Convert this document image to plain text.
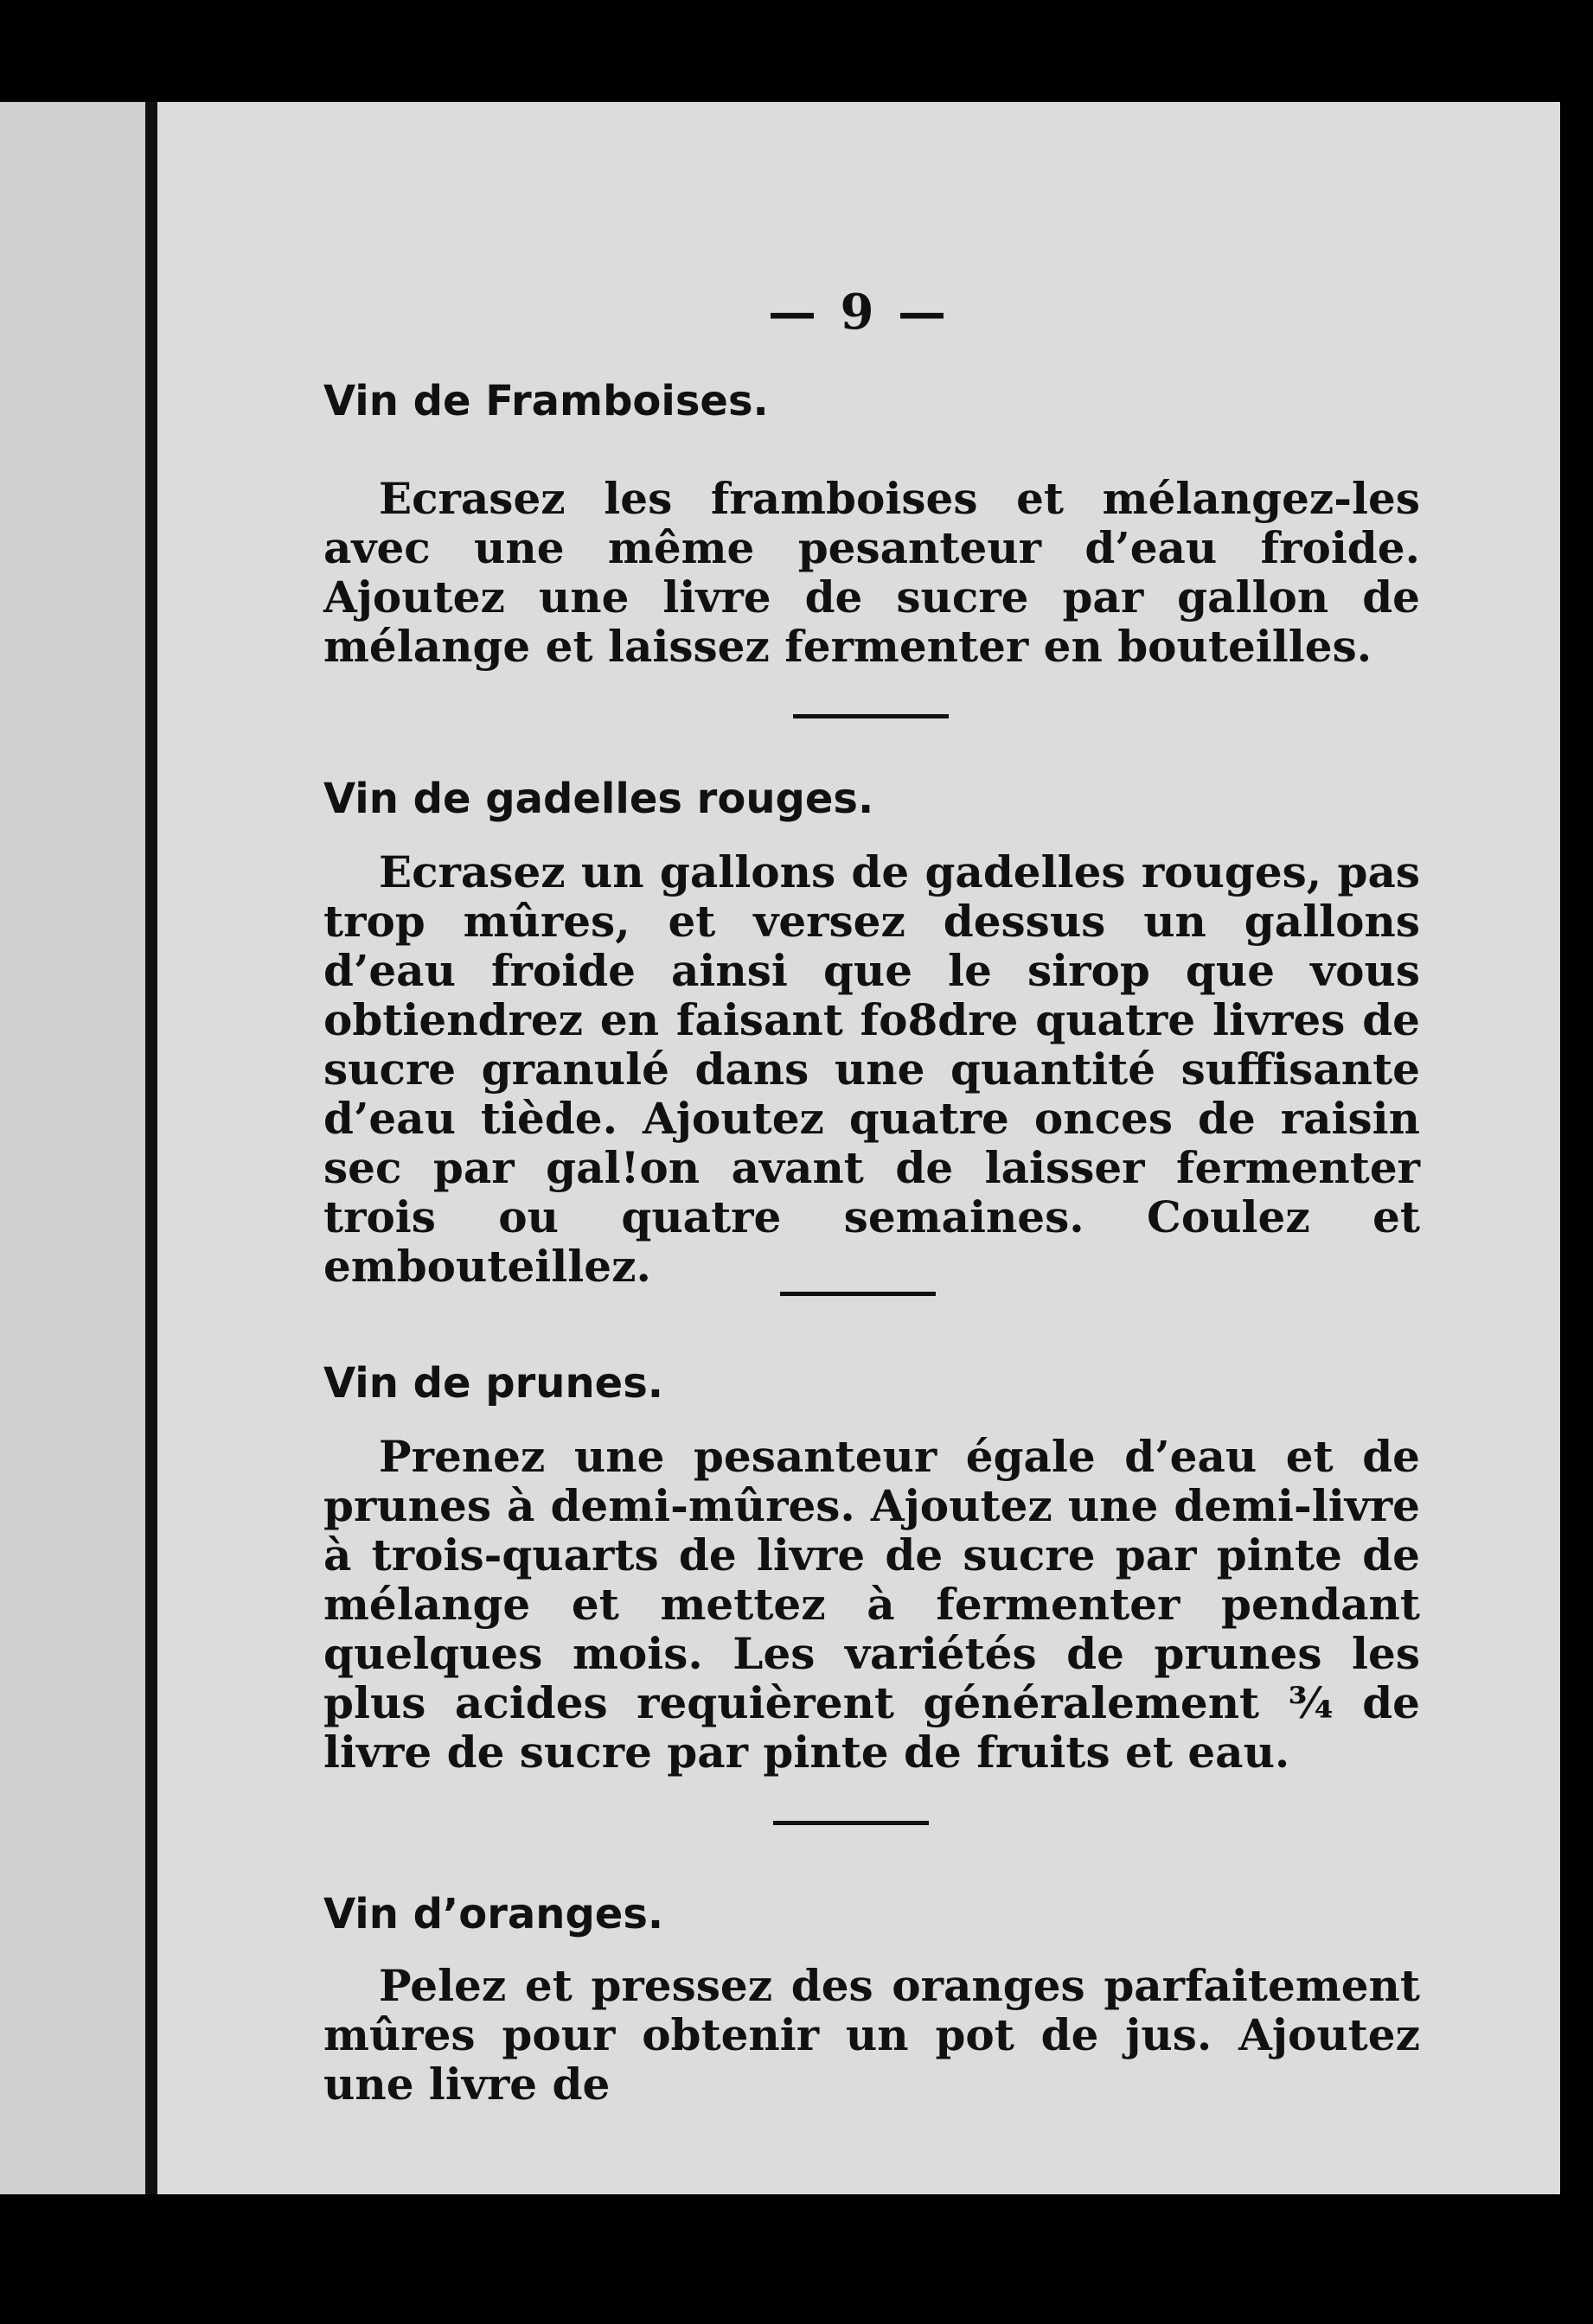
— 9 —
Vin de Framboises.

Ecrasez les framboises et mélangez-les avec une même pesanteur d’eau froide. Ajoutez une livre de sucre par gallon de mélange et laissez fermenter en bouteilles.

Vin de gadelles rouges.

Ecrasez un gallons de gadelles rouges, pas trop mûres, et versez dessus un gallons d’eau froide ainsi que le sirop que vous obtiendrez en faisant fo8dre quatre livres de sucre granulé dans une quantité suffisante d’eau tiède. Ajoutez quatre onces de raisin sec par gal!on avant de laisser fermenter trois ou quatre semaines. Coulez et embouteillez.

Vin de prunes.

Prenez une pesanteur égale d’eau et de prunes à demi-mûres. Ajoutez une demi-livre à trois-quarts de livre de sucre par pinte de mélange et mettez à fermenter pendant quelques mois. Les variétés de prunes les plus acides requièrent généralement ¾ de livre de sucre par pinte de fruits et eau.

Vin d’oranges.

Pelez et pressez des oranges parfaitement mûres pour obtenir un pot de jus. Ajoutez une livre de
